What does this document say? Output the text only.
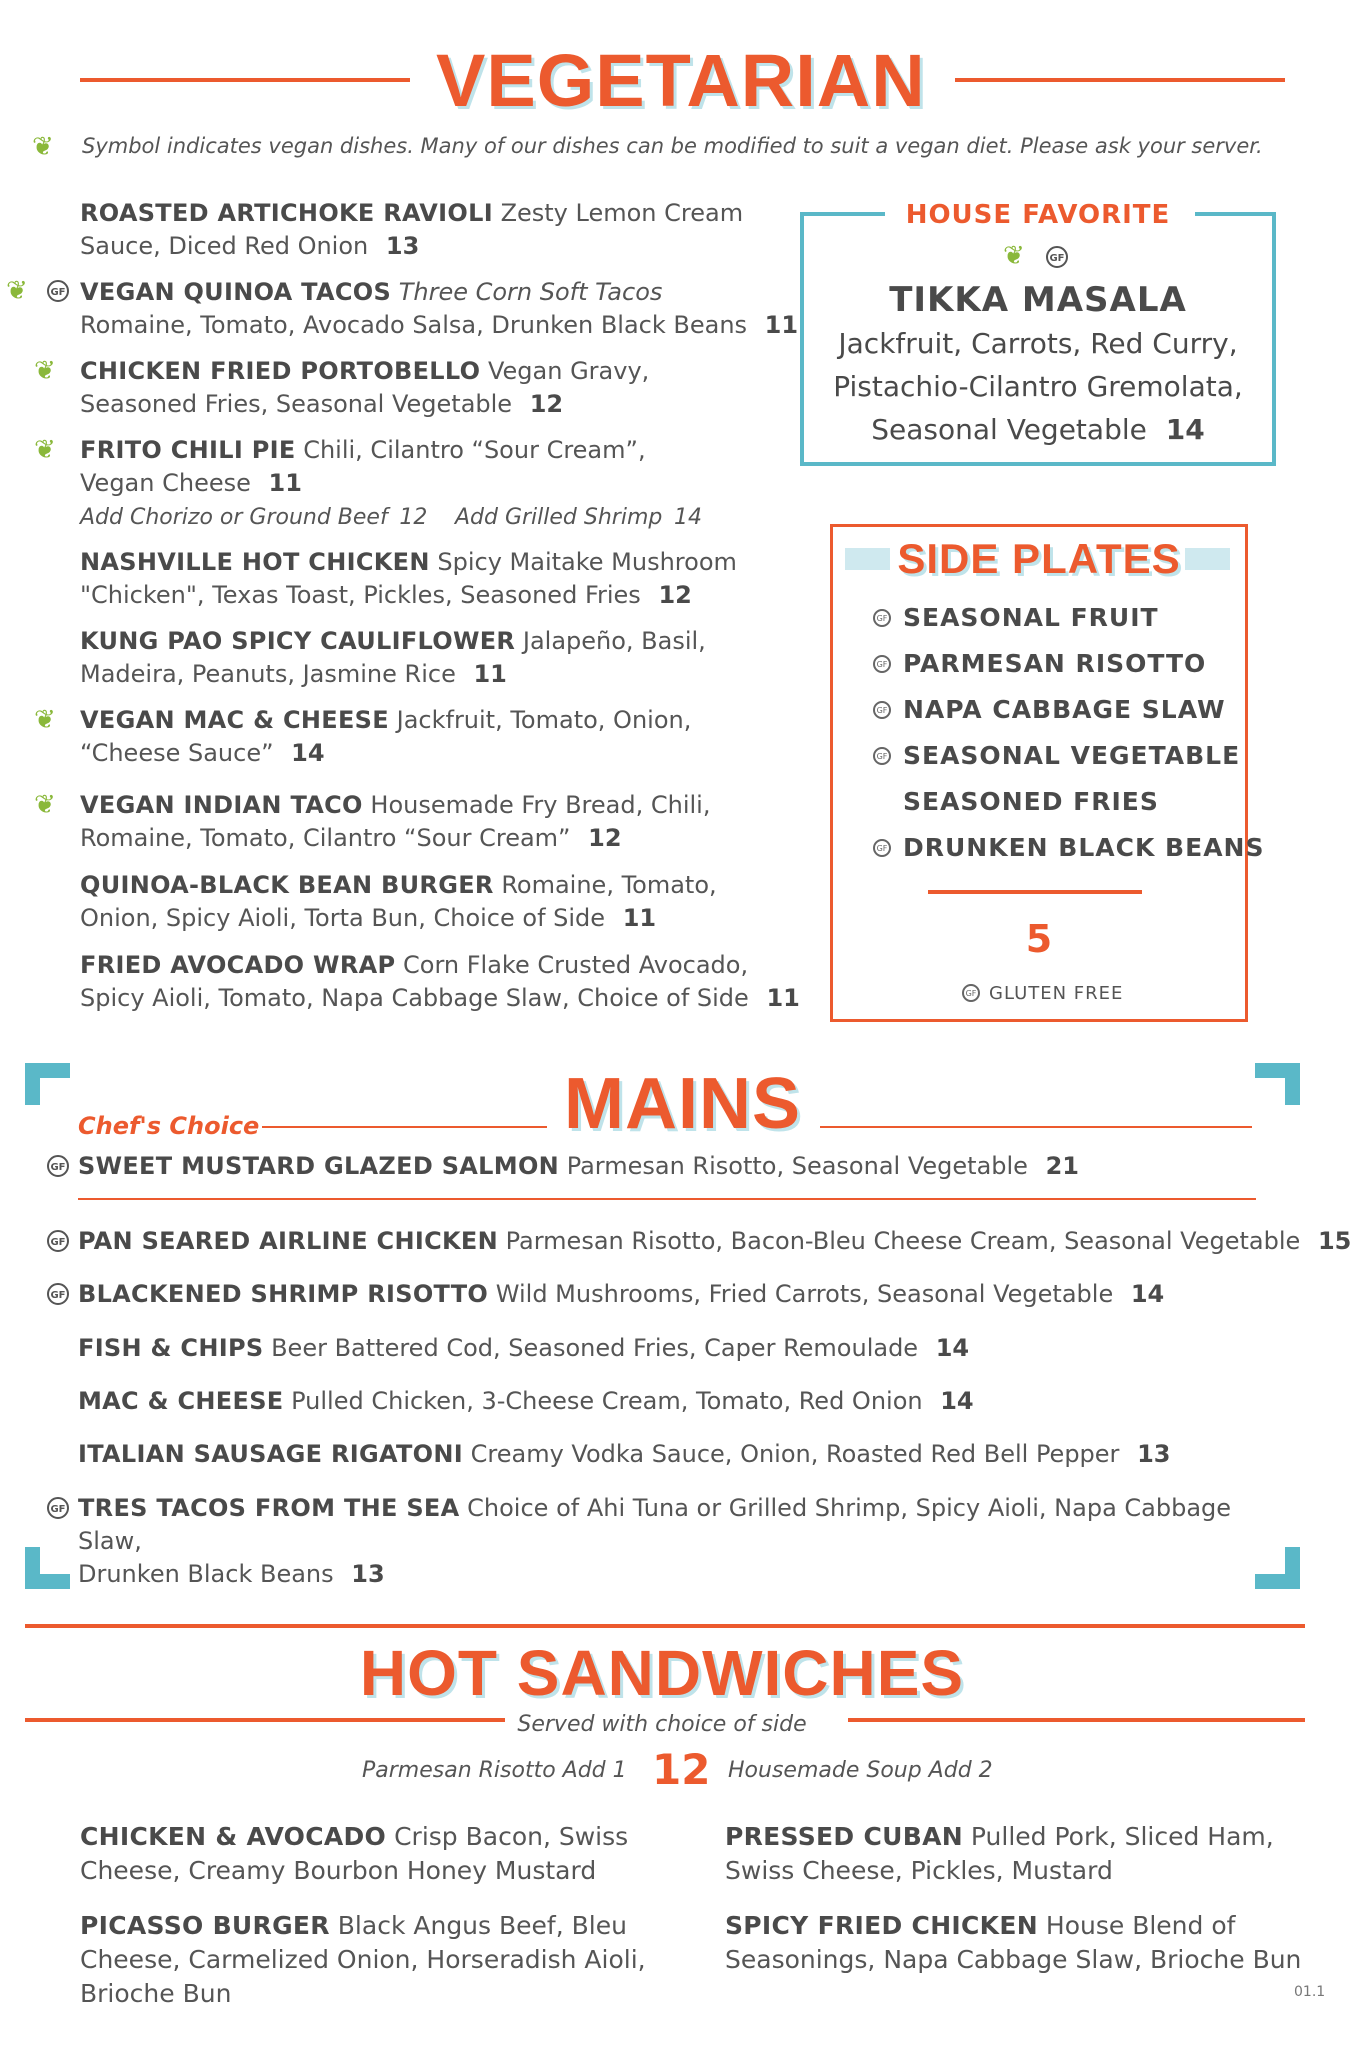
VEGETARIAN
❦ Symbol indicates vegan dishes. Many of our dishes can be modified to suit a vegan diet. Please ask your server.
ROASTED ARTICHOKE RAVIOLI Zesty Lemon Cream
Sauce, Diced Red Onion 13
❦	GF VEGAN QUINOA TACOS Three Corn Soft Tacos
Romaine, Tomato, Avocado Salsa, Drunken Black Beans 11
❦ CHICKEN FRIED PORTOBELLO Vegan Gravy,
Seasoned Fries, Seasonal Vegetable 12
❦ FRITO CHILI PIE Chili, Cilantro “Sour Cream”,
Vegan Cheese 11
Add Chorizo or Ground Beef 12 Add Grilled Shrimp 14
NASHVILLE HOT CHICKEN Spicy Maitake Mushroom
"Chicken", Texas Toast, Pickles, Seasoned Fries 12
KUNG PAO SPICY CAULIFLOWER Jalapeño, Basil,
Madeira, Peanuts, Jasmine Rice 11
❦ VEGAN MAC & CHEESE Jackfruit, Tomato, Onion,
“Cheese Sauce” 14
❦ VEGAN INDIAN TACO Housemade Fry Bread, Chili,
Romaine, Tomato, Cilantro “Sour Cream” 12
QUINOA-BLACK BEAN BURGER Romaine, Tomato,
Onion, Spicy Aioli, Torta Bun, Choice of Side 11
FRIED AVOCADO WRAP Corn Flake Crusted Avocado,
Spicy Aioli, Tomato, Napa Cabbage Slaw, Choice of Side 11
HOUSE FAVORITE
❦	GF
TIKKA MASALA
Jackfruit, Carrots, Red Curry,
Pistachio-Cilantro Gremolata,
Seasonal Vegetable 14
SIDE PLATES
GF SEASONAL FRUIT
GF PARMESAN RISOTTO
GF NAPA CABBAGE SLAW
GF SEASONAL VEGETABLE
SEASONED FRIES
GF DRUNKEN BLACK BEANS
5
GF GLUTEN FREE
Chef's Choice	MAINS
GF SWEET MUSTARD GLAZED SALMON Parmesan Risotto, Seasonal Vegetable 21
GF PAN SEARED AIRLINE CHICKEN Parmesan Risotto, Bacon-Bleu Cheese Cream, Seasonal Vegetable 15
GF BLACKENED SHRIMP RISOTTO Wild Mushrooms, Fried Carrots, Seasonal Vegetable 14
FISH & CHIPS Beer Battered Cod, Seasoned Fries, Caper Remoulade 14
MAC & CHEESE Pulled Chicken, 3-Cheese Cream, Tomato, Red Onion 14
ITALIAN SAUSAGE RIGATONI Creamy Vodka Sauce, Onion, Roasted Red Bell Pepper 13
GF TRES TACOS FROM THE SEA Choice of Ahi Tuna or Grilled Shrimp, Spicy Aioli, Napa Cabbage Slaw,
Drunken Black Beans 13
HOT SANDWICHES
Served with choice of side
Parmesan Risotto Add 1 12 Housemade Soup Add 2
CHICKEN & AVOCADO Crisp Bacon, Swiss
Cheese, Creamy Bourbon Honey Mustard
PRESSED CUBAN Pulled Pork, Sliced Ham,
Swiss Cheese, Pickles, Mustard
PICASSO BURGER Black Angus Beef, Bleu
Cheese, Carmelized Onion, Horseradish Aioli,
Brioche Bun
SPICY FRIED CHICKEN House Blend of
Seasonings, Napa Cabbage Slaw, Brioche Bun
01.1
